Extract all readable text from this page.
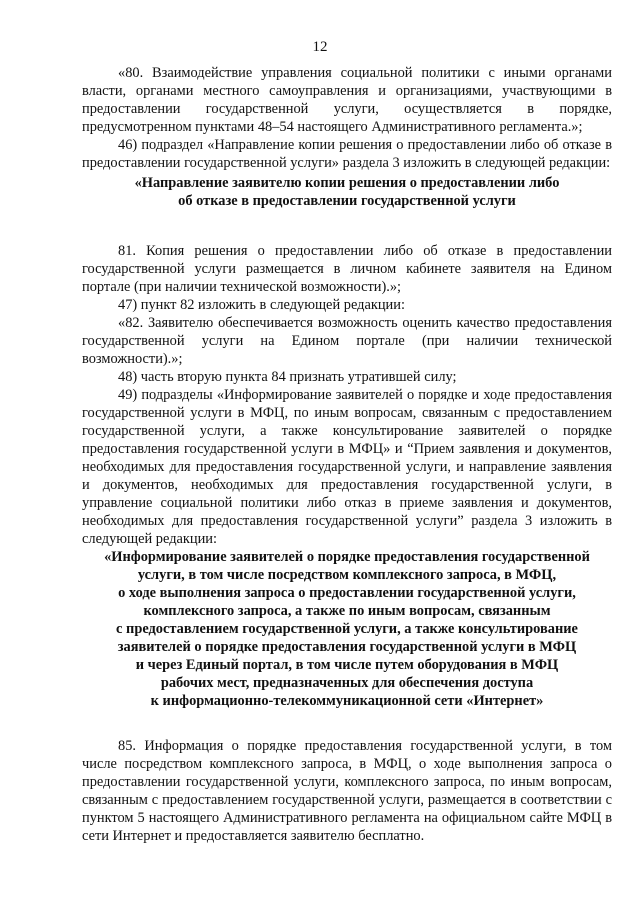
12

«80. Взаимодействие управления социальной политики с иными органами власти, органами местного самоуправления и организациями, участвующими в предоставлении государственной услуги, осуществляется в порядке, предусмотренном пунктами 48–54 настоящего Административного регламента.»;

46) подраздел «Направление копии решения о предоставлении либо об отказе в предоставлении государственной услуги» раздела 3 изложить в следующей редакции:

«Направление заявителю копии решения о предоставлении либо
об отказе в предоставлении государственной услуги

81. Копия решения о предоставлении либо об отказе в предоставлении государственной услуги размещается в личном кабинете заявителя на Едином портале (при наличии технической возможности).»;

47) пункт 82 изложить в следующей редакции:

«82. Заявителю обеспечивается возможность оценить качество предоставления государственной услуги на Едином портале (при наличии технической возможности).»;

48) часть вторую пункта 84 признать утратившей силу;

49) подразделы «Информирование заявителей о порядке и ходе предоставления государственной услуги в МФЦ, по иным вопросам, связанным с предоставлением государственной услуги, а также консультирование заявителей о порядке предоставления государственной услуги в МФЦ» и “Прием заявления и документов, необходимых для предоставления государственной услуги, и направление заявления и документов, необходимых для предоставления государственной услуги, в управление социальной политики либо отказ в приеме заявления и документов, необходимых для предоставления государственной услуги” раздела 3 изложить в следующей редакции:

«Информирование заявителей о порядке предоставления государственной
услуги, в том числе посредством комплексного запроса, в МФЦ,
о ходе выполнения запроса о предоставлении государственной услуги,
комплексного запроса, а также по иным вопросам, связанным
с предоставлением государственной услуги, а также консультирование
заявителей о порядке предоставления государственной услуги в МФЦ
и через Единый портал, в том числе путем оборудования в МФЦ
рабочих мест, предназначенных для обеспечения доступа
к информационно-телекоммуникационной сети «Интернет»

85. Информация о порядке предоставления государственной услуги, в том числе посредством комплексного запроса, в МФЦ, о ходе выполнения запроса о предоставлении государственной услуги, комплексного запроса, по иным вопросам, связанным с предоставлением государственной услуги, размещается в соответствии с пунктом 5 настоящего Административного регламента на официальном сайте МФЦ в сети Интернет и предоставляется заявителю бесплатно.
